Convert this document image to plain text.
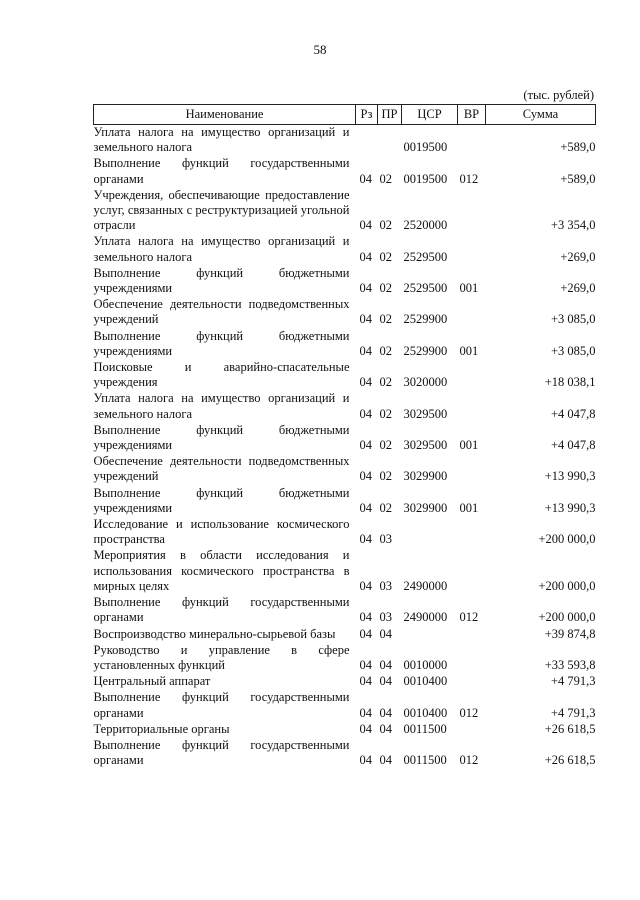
58
(тыс. рублей)
Наименование	Рз	ПР	ЦСР	ВР	Сумма
Уплата налога на имущество организаций и земельного налога			0019500		+589,0
Выполнение функций государственными органами	04	02	0019500	012	+589,0
Учреждения, обеспечивающие предоставление услуг, связанных с реструктуризацией угольной отрасли	04	02	2520000		+3 354,0
Уплата налога на имущество организаций и земельного налога	04	02	2529500		+269,0
Выполнение функций бюджетными учреждениями	04	02	2529500	001	+269,0
Обеспечение деятельности подведомственных учреждений	04	02	2529900		+3 085,0
Выполнение функций бюджетными учреждениями	04	02	2529900	001	+3 085,0
Поисковые и аварийно-спасательные учреждения	04	02	3020000		+18 038,1
Уплата налога на имущество организаций и земельного налога	04	02	3029500		+4 047,8
Выполнение функций бюджетными учреждениями	04	02	3029500	001	+4 047,8
Обеспечение деятельности подведомственных учреждений	04	02	3029900		+13 990,3
Выполнение функций бюджетными учреждениями	04	02	3029900	001	+13 990,3
Исследование и использование космического пространства	04	03			+200 000,0
Мероприятия в области исследования и использования космического пространства в мирных целях	04	03	2490000		+200 000,0
Выполнение функций государственными органами	04	03	2490000	012	+200 000,0
Воспроизводство минерально-сырьевой базы	04	04			+39 874,8
Руководство и управление в сфере установленных функций	04	04	0010000		+33 593,8
Центральный аппарат	04	04	0010400		+4 791,3
Выполнение функций государственными органами	04	04	0010400	012	+4 791,3
Территориальные органы	04	04	0011500		+26 618,5
Выполнение функций государственными органами	04	04	0011500	012	+26 618,5
